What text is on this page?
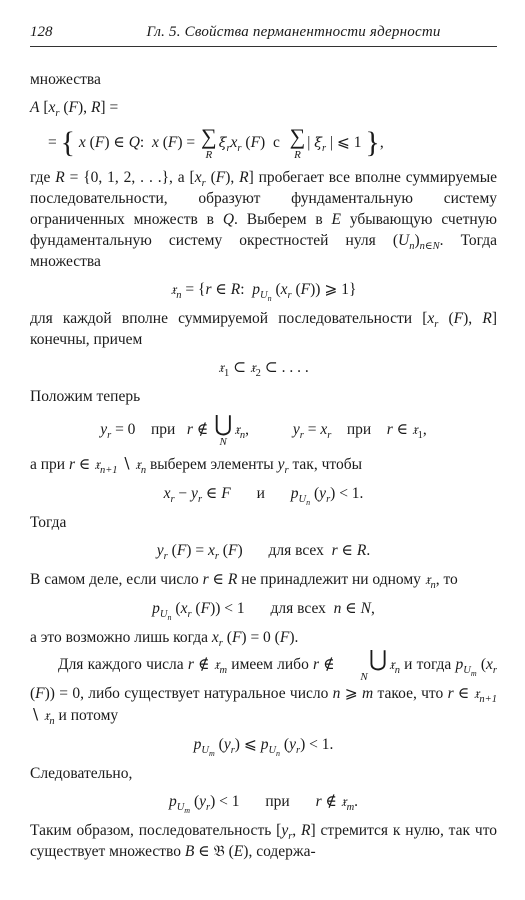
128	Гл. 5. Свойства перманентности ядерности

множества

A [$x_r$ (F), R] =
= { x (F) ∈ Q:  x (F) = ∑
$R\xi_rx_r$ (F)  с ∑
R| $\xi_r$ | ⩽ 1 },

где R = {0, 1, 2, . . .}, а [$x_r$ (F), R] пробегает все вполне суммируемые последовательности, образуют фундаментальную систему ограниченных множеств в Q. Выберем в E убывающую счетную фундаментальную систему окрестностей нуля $(U_n)_{n\in N}$. Тогда множества

𝔵$_n$ = {r ∈ R:  $p_{U_n}$ ($x_r$ (F)) ⩾ 1}

для каждой вполне суммируемой последовательности [$x_r$ (F), R] конечны, причем

𝔵$_1$ ⊂ 𝔵$_2$ ⊂ . . . .

Положим теперь

$y_r = 0$    при r ∉ ⋃
N𝔵$_n$,	$y_r = x_r$ при r ∈ 𝔵$_1$,

а при r ∈ 𝔵$_{n+1}$ ∖ 𝔵$_n$ выберем элементы $y_r$ так, чтобы

$x_r - y_r$ ∈ F и $p_{U_n}$ $(y_r) < 1$.

Тогда

$y_r$ $(F) = x_r$ (F) для всех r ∈ R.

В самом деле, если число r ∈ R не принадлежит ни одному 𝔵$_n$, то

$p_{U_n}$ ($x_r$ (F)) < 1 для всех n ∈ N,

а это возможно лишь когда $x_r$ (F) = 0 (F).

Для каждого числа r ∉ 𝔵$_m$ имеем либо r ∉ ⋃
N𝔵$_n$ и тогда $p_{U_m}$ ($x_r$ (F)) = 0, либо существует натуральное число n ⩾ m такое, что r ∈ 𝔵$_{n+1}$ ∖ 𝔵$_n$ и потому

$p_{U_m}$ $(y_r)$ ⩽ $p_{U_n}$ $(y_r) < 1$.

Следовательно,

$p_{U_m}$ $(y_r) < 1$ при r ∉ 𝔵$_m$.

Таким образом, последовательность [$y_r$, R] стремится к нулю, так что существует множество B ∈ 𝔅 (E), содержа-
